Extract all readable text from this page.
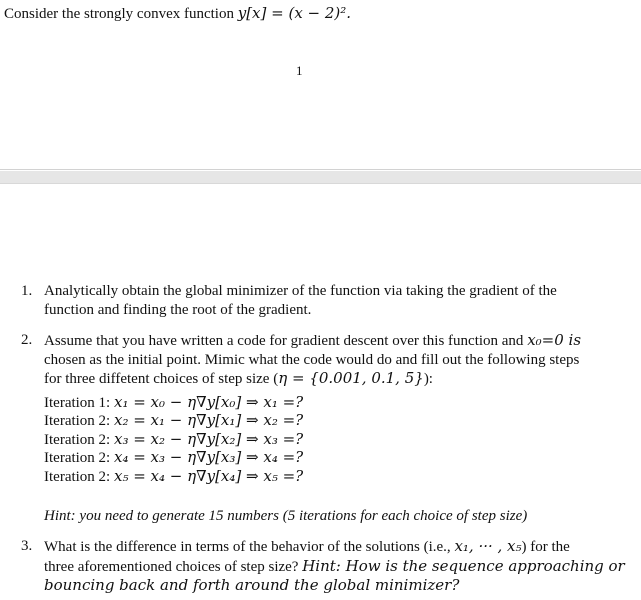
Consider the strongly convex function y[x] = (x − 2)².
1
1. Analytically obtain the global minimizer of the function via taking the gradient of the
function and finding the root of the gradient.
2. Assume that you have written a code for gradient descent over this function and x₀=0 is
chosen as the initial point. Mimic what the code would do and fill out the following steps
for three diffetent choices of step size (η = {0.001, 0.1, 5}):
Iteration 1: x₁ = x₀ − η∇y[x₀] ⇒ x₁ =?
Iteration 2: x₂ = x₁ − η∇y[x₁] ⇒ x₂ =?
Iteration 2: x₃ = x₂ − η∇y[x₂] ⇒ x₃ =?
Iteration 2: x₄ = x₃ − η∇y[x₃] ⇒ x₄ =?
Iteration 2: x₅ = x₄ − η∇y[x₄] ⇒ x₅ =?
Hint: you need to generate 15 numbers (5 iterations for each choice of step size)
3. What is the difference in terms of the behavior of the solutions (i.e., x₁, ··· , x₅) for the
three aforementioned choices of step size? Hint: How is the sequence approaching or
bouncing back and forth around the global minimizer?
